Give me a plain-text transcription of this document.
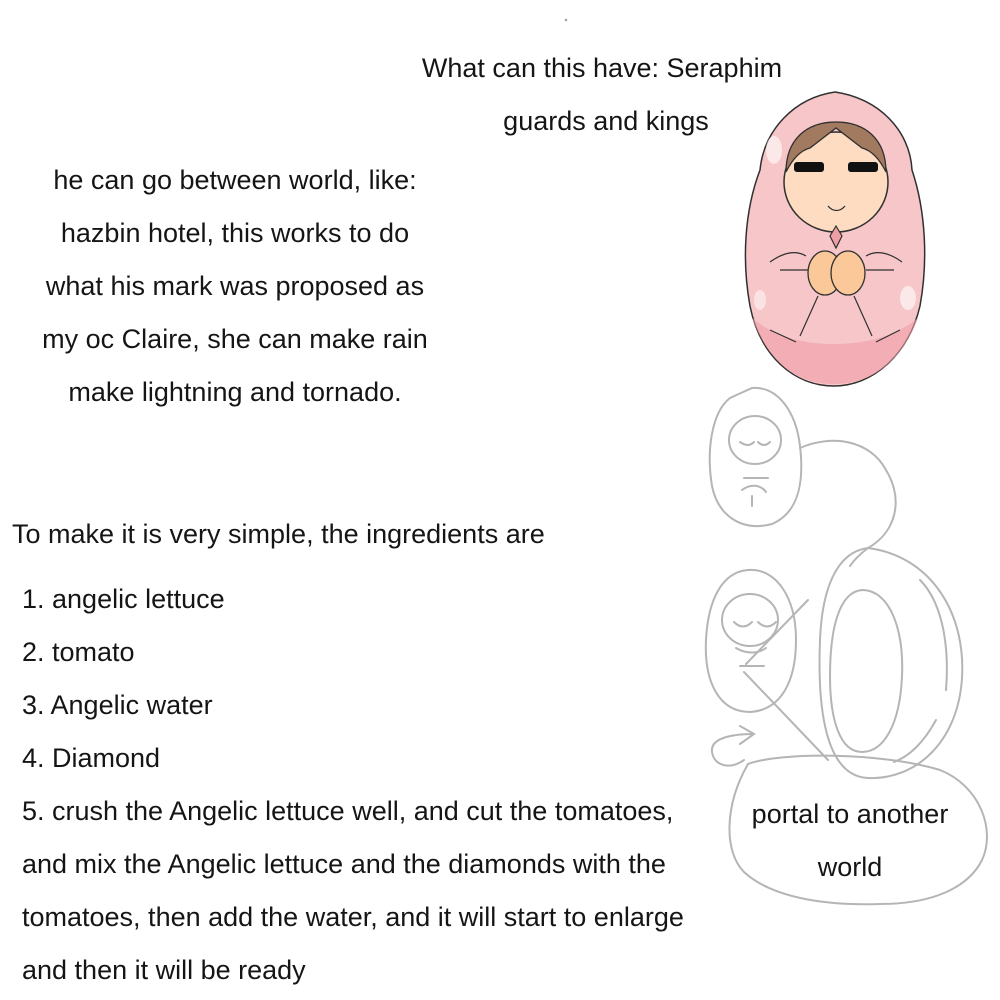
What can this have: Seraphim
guards and kings
he can go between world, like:
hazbin hotel, this works to do
what his mark was proposed as
my oc Claire, she can make rain
make lightning and tornado.
To make it is very simple, the ingredients are
1. angelic lettuce
2. tomato
3. Angelic water
4. Diamond
5. crush the Angelic lettuce well, and cut the tomatoes,
and mix the Angelic lettuce and the diamonds with the
tomatoes, then add the water, and it will start to enlarge
and then it will be ready
portal to another
world
